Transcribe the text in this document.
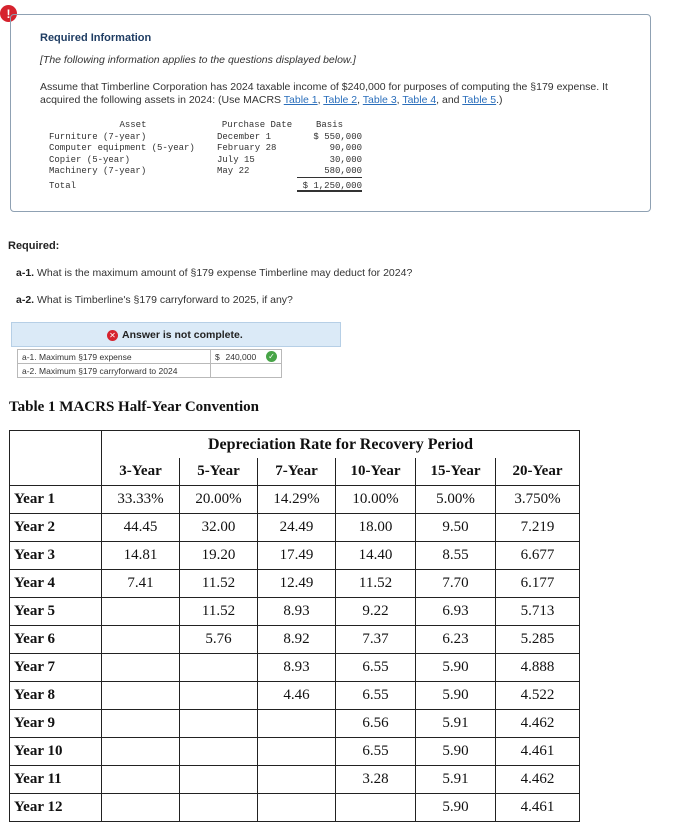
!
Required Information
[The following information applies to the questions displayed below.]
Assume that Timberline Corporation has 2024 taxable income of $240,000 for purposes of computing the §179 expense. It acquired the following assets in 2024: (Use MACRS Table 1, Table 2, Table 3, Table 4, and Table 5.)
Asset	Purchase Date	Basis
Furniture (7-year)	December 1	$ 550,000
Computer equipment (5-year)	February 28	90,000
Copier (5-year)	July 15	30,000
Machinery (7-year)	May 22	580,000
Total	$ 1,250,000
Required:
a-1. What is the maximum amount of §179 expense Timberline may deduct for 2024?
a-2. What is Timberline's §179 carryforward to 2025, if any?
✕ Answer is not complete.
a-1. Maximum §179 expense	$ 240,000 ✓

a-2. Maximum §179 carryforward to 2024	
Table 1 MACRS Half-Year Convention
	Depreciation Rate for Recovery Period					
	3-Year	5-Year	7-Year	10-Year	15-Year	20-Year
Year 1	33.33%	20.00%	14.29%	10.00%	5.00%	3.750%
Year 2	44.45	32.00	24.49	18.00	9.50	7.219
Year 3	14.81	19.20	17.49	14.40	8.55	6.677
Year 4	7.41	11.52	12.49	11.52	7.70	6.177
Year 5		11.52	8.93	9.22	6.93	5.713
Year 6		5.76	8.92	7.37	6.23	5.285
Year 7			8.93	6.55	5.90	4.888
Year 8			4.46	6.55	5.90	4.522
Year 9				6.56	5.91	4.462
Year 10				6.55	5.90	4.461
Year 11				3.28	5.91	4.462
Year 12					5.90	4.461
